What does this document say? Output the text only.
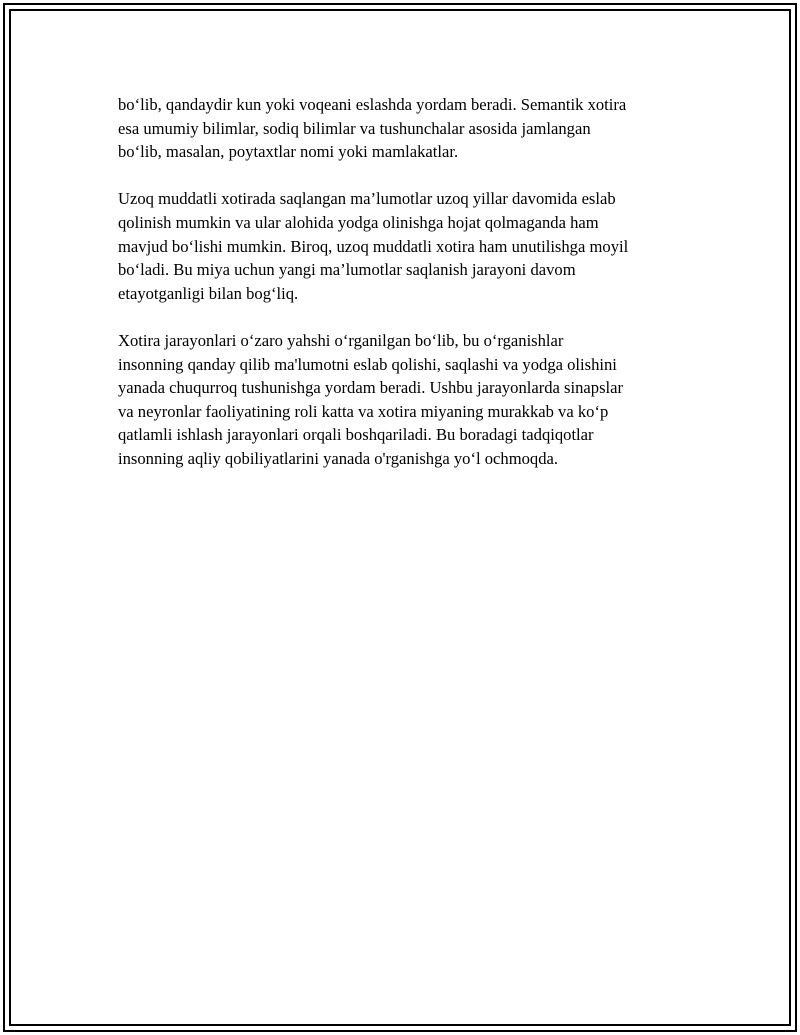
bo‘lib, qandaydir kun yoki voqeani eslashda yordam beradi. Semantik xotira
esa umumiy bilimlar, sodiq bilimlar va tushunchalar asosida jamlangan
bo‘lib, masalan, poytaxtlar nomi yoki mamlakatlar.

Uzoq muddatli xotirada saqlangan ma’lumotlar uzoq yillar davomida eslab
qolinish mumkin va ular alohida yodga olinishga hojat qolmaganda ham
mavjud bo‘lishi mumkin. Biroq, uzoq muddatli xotira ham unutilishga moyil
bo‘ladi. Bu miya uchun yangi ma’lumotlar saqlanish jarayoni davom
etayotganligi bilan bog‘liq.

Xotira jarayonlari o‘zaro yahshi o‘rganilgan bo‘lib, bu o‘rganishlar
insonning qanday qilib ma'lumotni eslab qolishi, saqlashi va yodga olishini
yanada chuqurroq tushunishga yordam beradi. Ushbu jarayonlarda sinapslar
va neyronlar faoliyatining roli katta va xotira miyaning murakkab va ko‘p
qatlamli ishlash jarayonlari orqali boshqariladi. Bu boradagi tadqiqotlar
insonning aqliy qobiliyatlarini yanada o'rganishga yo‘l ochmoqda.
